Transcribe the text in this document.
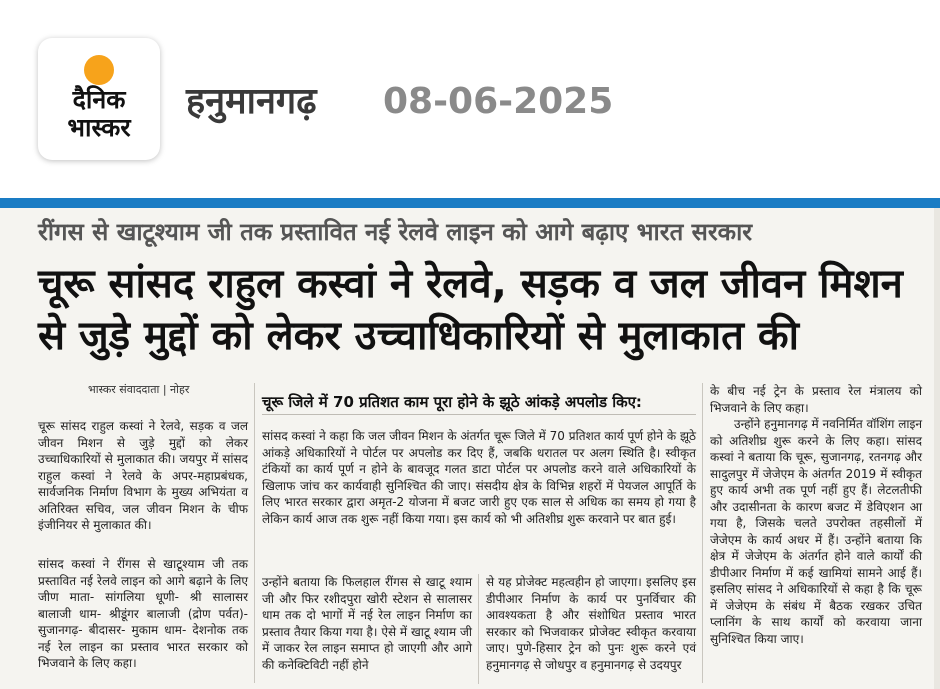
दैनिक भास्कर
हनुमानगढ़ 08-06-2025
रींगस से खाटूश्याम जी तक प्रस्तावित नई रेलवे लाइन को आगे बढ़ाए भारत सरकार
चूरू सांसद राहुल कस्वां ने रेलवे, सड़क व जल जीवन मिशन से जुड़े मुद्दों को लेकर उच्चाधिकारियों से मुलाकात की
भास्कर संवाददाता | नोहर

चूरू सांसद राहुल कस्वां ने रेलवे, सड़क व जल जीवन मिशन से जुड़े मुद्दों को लेकर उच्चाधिकारियों से मुलाकात की। जयपुर में सांसद राहुल कस्वां ने रेलवे के अपर-महाप्रबंधक, सार्वजनिक निर्माण विभाग के मुख्य अभियंता व अतिरिक्त सचिव, जल जीवन मिशन के चीफ इंजीनियर से मुलाकात की।

सांसद कस्वां ने रींगस से खाटूश्याम जी तक प्रस्तावित नई रेलवे लाइन को आगे बढ़ाने के लिए जीण माता- सांगलिया धूणी- श्री सालासर बालाजी धाम- श्रीडूंगर बालाजी (द्रोण पर्वत)-सुजानगढ़- बीदासर- मुकाम धाम- देशनोक तक नई रेल लाइन का प्रस्ताव भारत सरकार को भिजवाने के लिए कहा।

चूरू जिले में 70 प्रतिशत काम पूरा होने के झूठे आंकड़े अपलोड किए:

सांसद कस्वां ने कहा कि जल जीवन मिशन के अंतर्गत चूरू जिले में 70 प्रतिशत कार्य पूर्ण होने के झूठे आंकड़े अधिकारियों ने पोर्टल पर अपलोड कर दिए हैं, जबकि धरातल पर अलग स्थिति है। स्वीकृत टंकियों का कार्य पूर्ण न होने के बावजूद गलत डाटा पोर्टल पर अपलोड करने वाले अधिकारियों के खिलाफ जांच कर कार्यवाही सुनिश्चित की जाए। संसदीय क्षेत्र के विभिन्न शहरों में पेयजल आपूर्ति के लिए भारत सरकार द्वारा अमृत-2 योजना में बजट जारी हुए एक साल से अधिक का समय हो गया है लेकिन कार्य आज तक शुरू नहीं किया गया। इस कार्य को भी अतिशीघ्र शुरू करवाने पर बात हुई।

उन्होंने बताया कि फिलहाल रींगस से खाटू श्याम जी और फिर रशीदपुरा खोरी स्टेशन से सालासर धाम तक दो भागों में नई रेल लाइन निर्माण का प्रस्ताव तैयार किया गया है। ऐसे में खाटू श्याम जी में जाकर रेल लाइन समाप्त हो जाएगी और आगे की कनेक्टिविटी नहीं होने

से यह प्रोजेक्ट महत्वहीन हो जाएगा। इसलिए इस डीपीआर निर्माण के कार्य पर पुनर्विचार की आवश्यकता है और संशोधित प्रस्ताव भारत सरकार को भिजवाकर प्रोजेक्ट स्वीकृत करवाया जाए। पुणे-हिसार ट्रेन को पुनः शुरू करने एवं हनुमानगढ़ से जोधपुर व हनुमानगढ़ से उदयपुर

के बीच नई ट्रेन के प्रस्ताव रेल मंत्रालय को भिजवाने के लिए कहा।

उन्होंने हनुमानगढ़ में नवनिर्मित वॉशिंग लाइन को अतिशीघ्र शुरू करने के लिए कहा। सांसद कस्वां ने बताया कि चूरू, सुजानगढ़, रतनगढ़ और सादुलपुर में जेजेएम के अंतर्गत 2019 में स्वीकृत हुए कार्य अभी तक पूर्ण नहीं हुए हैं। लेटलतीफी और उदासीनता के कारण बजट में डेविएशन आ गया है, जिसके चलते उपरोक्त तहसीलों में जेजेएम के कार्य अधर में हैं। उन्होंने बताया कि क्षेत्र में जेजेएम के अंतर्गत होने वाले कार्यों की डीपीआर निर्माण में कई खामियां सामने आई हैं। इसलिए सांसद ने अधिकारियों से कहा है कि चूरू में जेजेएम के संबंध में बैठक रखकर उचित प्लानिंग के साथ कार्यों को करवाया जाना सुनिश्चित किया जाए।
